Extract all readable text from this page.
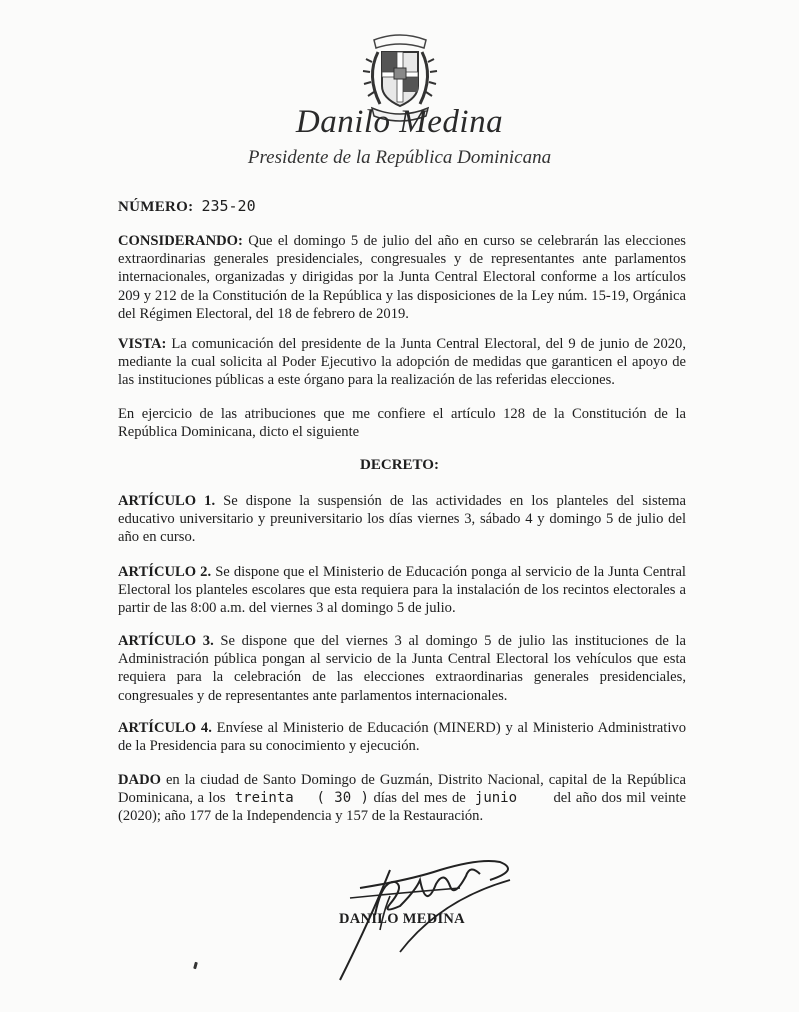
Danilo Medina
Presidente de la República Dominicana
NÚMERO: 235-20

CONSIDERANDO: Que el domingo 5 de julio del año en curso se celebrarán las elecciones extraordinarias generales presidenciales, congresuales y de representantes ante parlamentos internacionales, organizadas y dirigidas por la Junta Central Electoral conforme a los artículos 209 y 212 de la Constitución de la República y las disposiciones de la Ley núm. 15-19, Orgánica del Régimen Electoral, del 18 de febrero de 2019.

VISTA: La comunicación del presidente de la Junta Central Electoral, del 9 de junio de 2020, mediante la cual solicita al Poder Ejecutivo la adopción de medidas que garanticen el apoyo de las instituciones públicas a este órgano para la realización de las referidas elecciones.

En ejercicio de las atribuciones que me confiere el artículo 128 de la Constitución de la República Dominicana, dicto el siguiente

DECRETO:

ARTÍCULO 1. Se dispone la suspensión de las actividades en los planteles del sistema educativo universitario y preuniversitario los días viernes 3, sábado 4 y domingo 5 de julio del año en curso.

ARTÍCULO 2. Se dispone que el Ministerio de Educación ponga al servicio de la Junta Central Electoral los planteles escolares que esta requiera para la instalación de los recintos electorales a partir de las 8:00 a.m. del viernes 3 al domingo 5 de julio.

ARTÍCULO 3. Se dispone que del viernes 3 al domingo 5 de julio las instituciones de la Administración pública pongan al servicio de la Junta Central Electoral los vehículos que esta requiera para la celebración de las elecciones extraordinarias generales presidenciales, congresuales y de representantes ante parlamentos internacionales.

ARTÍCULO 4. Envíese al Ministerio de Educación (MINERD) y al Ministerio Administrativo de la Presidencia para su conocimiento y ejecución.

DADO en la ciudad de Santo Domingo de Guzmán, Distrito Nacional, capital de la República Dominicana, a los treinta ( 30 ) días del mes de junio del año dos mil veinte (2020); año 177 de la Independencia y 157 de la Restauración.

DANILO MEDINA
